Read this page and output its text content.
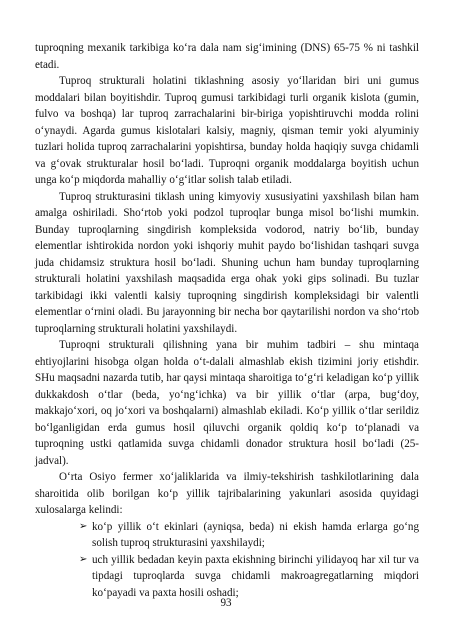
tuproqning mexanik tarkibiga ko‘ra dala nam sig‘imining (DNS) 65-75 % ni tashkil etadi.

Tuproq strukturali holatini tiklashning asosiy yo‘llaridan biri uni gumus moddalari bilan boyitishdir. Tuproq gumusi tarkibidagi turli organik kislota (gumin, fulvo va boshqa) lar tuproq zarrachalarini bir-biriga yopishtiruvchi modda rolini o‘ynaydi. Agarda gumus kislotalari kalsiy, magniy, qisman temir yoki alyuminiy tuzlari holida tuproq zarrachalarini yopishtirsa, bunday holda haqiqiy suvga chidamli va g‘ovak strukturalar hosil bo‘ladi. Tuproqni organik moddalarga boyitish uchun unga ko‘p miqdorda mahalliy o‘g‘itlar solish talab etiladi.

Tuproq strukturasini tiklash uning kimyoviy xususiyatini yaxshilash bilan ham amalga oshiriladi. Sho‘rtob yoki podzol tuproqlar bunga misol bo‘lishi mumkin. Bunday tuproqlarning singdirish kompleksida vodorod, natriy bo‘lib, bunday elementlar ishtirokida nordon yoki ishqoriy muhit paydo bo‘lishidan tashqari suvga juda chidamsiz struktura hosil bo‘ladi. Shuning uchun ham bunday tuproqlarning strukturali holatini yaxshilash maqsadida erga ohak yoki gips solinadi. Bu tuzlar tarkibidagi ikki valentli kalsiy tuproqning singdirish kompleksidagi bir valentli elementlar o‘rnini oladi. Bu jarayonning bir necha bor qaytarilishi nordon va sho‘rtob tuproqlarning strukturali holatini yaxshilaydi.

Tuproqni strukturali qilishning yana bir muhim tadbiri – shu mintaqa ehtiyojlarini hisobga olgan holda o‘t-dalali almashlab ekish tizimini joriy etishdir. SHu maqsadni nazarda tutib, har qaysi mintaqa sharoitiga to‘g‘ri keladigan ko‘p yillik dukkakdosh o‘tlar (beda, yo‘ng‘ichka) va bir yillik o‘tlar (arpa, bug‘doy, makkajo‘xori, oq jo‘xori va boshqalarni) almashlab ekiladi. Ko‘p yillik o‘tlar serildiz bo‘lganligidan erda gumus hosil qiluvchi organik qoldiq ko‘p to‘planadi va tuproqning ustki qatlamida suvga chidamli donador struktura hosil bo‘ladi (25-jadval).

O‘rta Osiyo fermer xo‘jaliklarida va ilmiy-tekshirish tashkilotlarining dala sharoitida olib borilgan ko‘p yillik tajribalarining yakunlari asosida quyidagi xulosalarga kelindi:

➢ ko‘p yillik o‘t ekinlari (ayniqsa, beda) ni ekish hamda erlarga go‘ng solish tuproq strukturasini yaxshilaydi;
➢ uch yillik bedadan keyin paxta ekishning birinchi yilidayoq har xil tur va tipdagi tuproqlarda suvga chidamli makroagregatlarning miqdori ko‘payadi va paxta hosili oshadi;
93
